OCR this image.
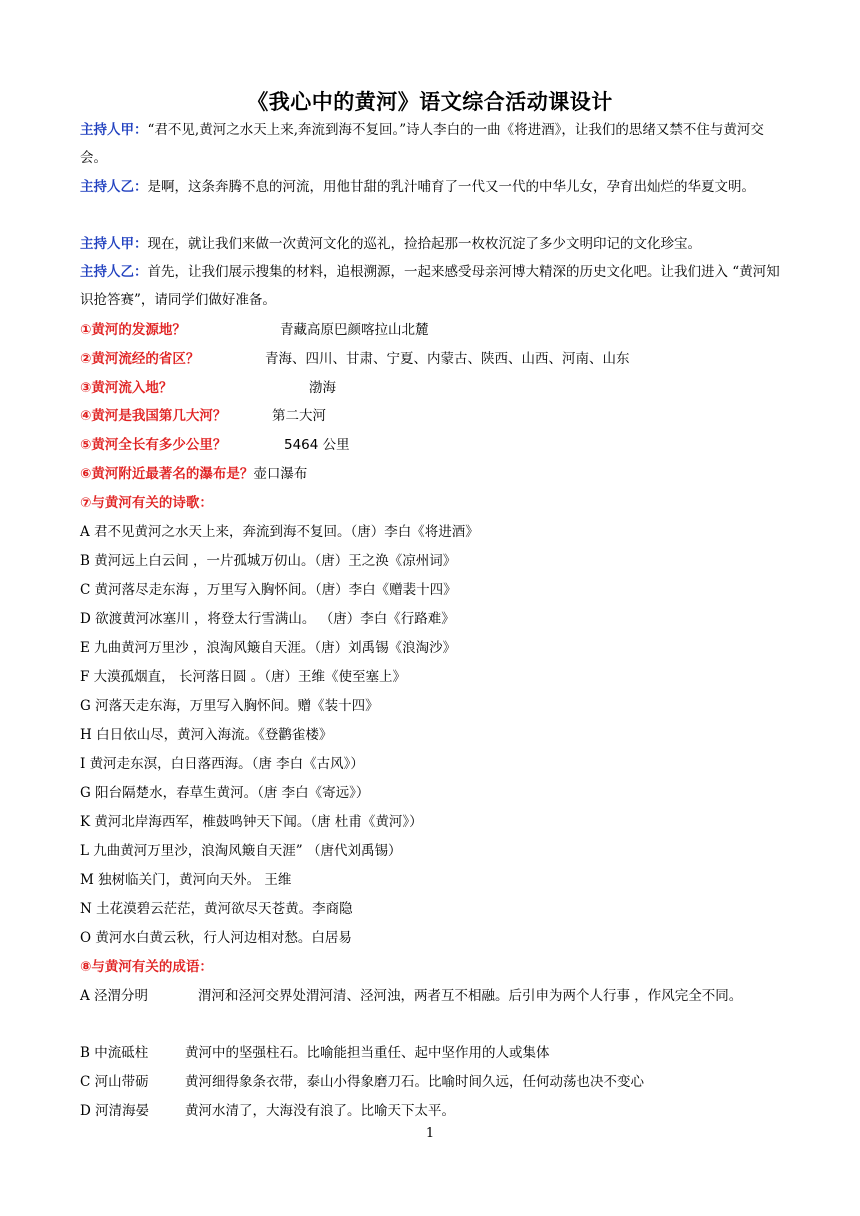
《我心中的黄河》语文综合活动课设计
主持人甲：“君不见,黄河之水天上来,奔流到海不复回。”诗人李白的一曲《将进酒》，让我们的思绪又禁不住与黄河交会。
主持人乙：是啊，这条奔腾不息的河流，用他甘甜的乳汁哺育了一代又一代的中华儿女，孕育出灿烂的华夏文明。
主持人甲：现在，就让我们来做一次黄河文化的巡礼，捡拾起那一枚枚沉淀了多少文明印记的文化珍宝。
主持人乙：首先，让我们展示搜集的材料，追根溯源，一起来感受母亲河博大精深的历史文化吧。让我们进入 “黄河知识抢答赛”，请同学们做好准备。
①黄河的发源地？	青藏高原巴颜喀拉山北麓
②黄河流经的省区？	青海、四川、甘肃、宁夏、内蒙古、陕西、山西、河南、山东
③黄河流入地？	渤海
④黄河是我国第几大河？	第二大河
⑤黄河全长有多少公里？	5464 公里
⑥黄河附近最著名的瀑布是？壶口瀑布
⑦与黄河有关的诗歌：
A 君不见黄河之水天上来，奔流到海不复回。（唐）李白《将进酒》
B 黄河远上白云间 ，一片孤城万仞山。（唐）王之涣《凉州词》
C 黄河落尽走东海 ，万里写入胸怀间。（唐）李白《赠裴十四》
D 欲渡黄河冰塞川 ，将登太行雪满山。 （唐）李白《行路难》
E 九曲黄河万里沙 ，浪淘风簸自天涯。（唐）刘禹锡《浪淘沙》
F 大漠孤烟直， 长河落日圆 。（唐）王维《使至塞上》
G 河落天走东海，万里写入胸怀间。赠《装十四》
H 白日依山尽，黄河入海流。《登鹳雀楼》
I 黄河走东溟，白日落西海。（唐 李白《古风》）
G 阳台隔楚水，春草生黄河。（唐 李白《寄远》）
K 黄河北岸海西军，椎鼓鸣钟天下闻。（唐 杜甫《黄河》）
L 九曲黄河万里沙，浪淘风簸自天涯” （唐代刘禹锡）
M 独树临关门，黄河向天外。 王维
N 土花漠碧云茫茫，黄河欲尽天苍黄。李商隐
O 黄河水白黄云秋，行人河边相对愁。白居易
⑧与黄河有关的成语：
A 泾渭分明	渭河和泾河交界处渭河清、泾河浊，两者互不相融。后引申为两个人行事 ，作风完全不同。
B 中流砥柱	黄河中的坚强柱石。比喻能担当重任、起中坚作用的人或集体
C 河山带砺	黄河细得象条衣带，泰山小得象磨刀石。比喻时间久远，任何动荡也决不变心
D 河清海晏	黄河水清了，大海没有浪了。比喻天下太平。
1
